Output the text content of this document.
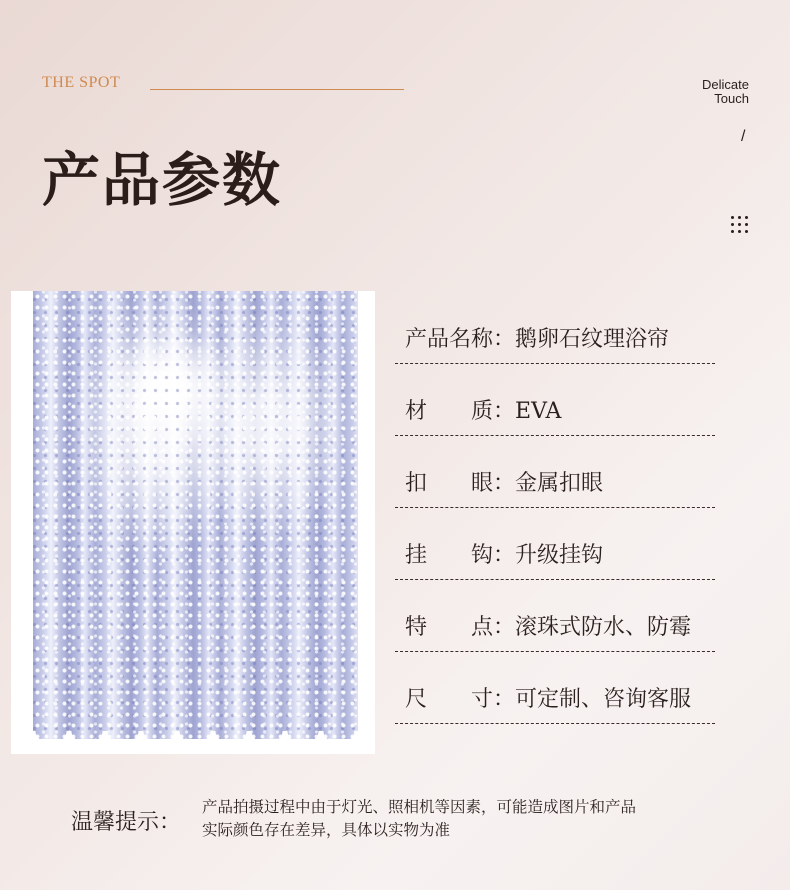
THE SPOT	Delicate
Touch
/
产品参数
产品名称：鹅卵石纹理浴帘
材　　质：EVA
扣　　眼：金属扣眼
挂　　钩：升级挂钩
特　　点：滚珠式防水、防霉
尺　　寸：可定制、咨询客服
温馨提示：
产品拍摄过程中由于灯光、照相机等因素，可能造成图片和产品
实际颜色存在差异，具体以实物为准
